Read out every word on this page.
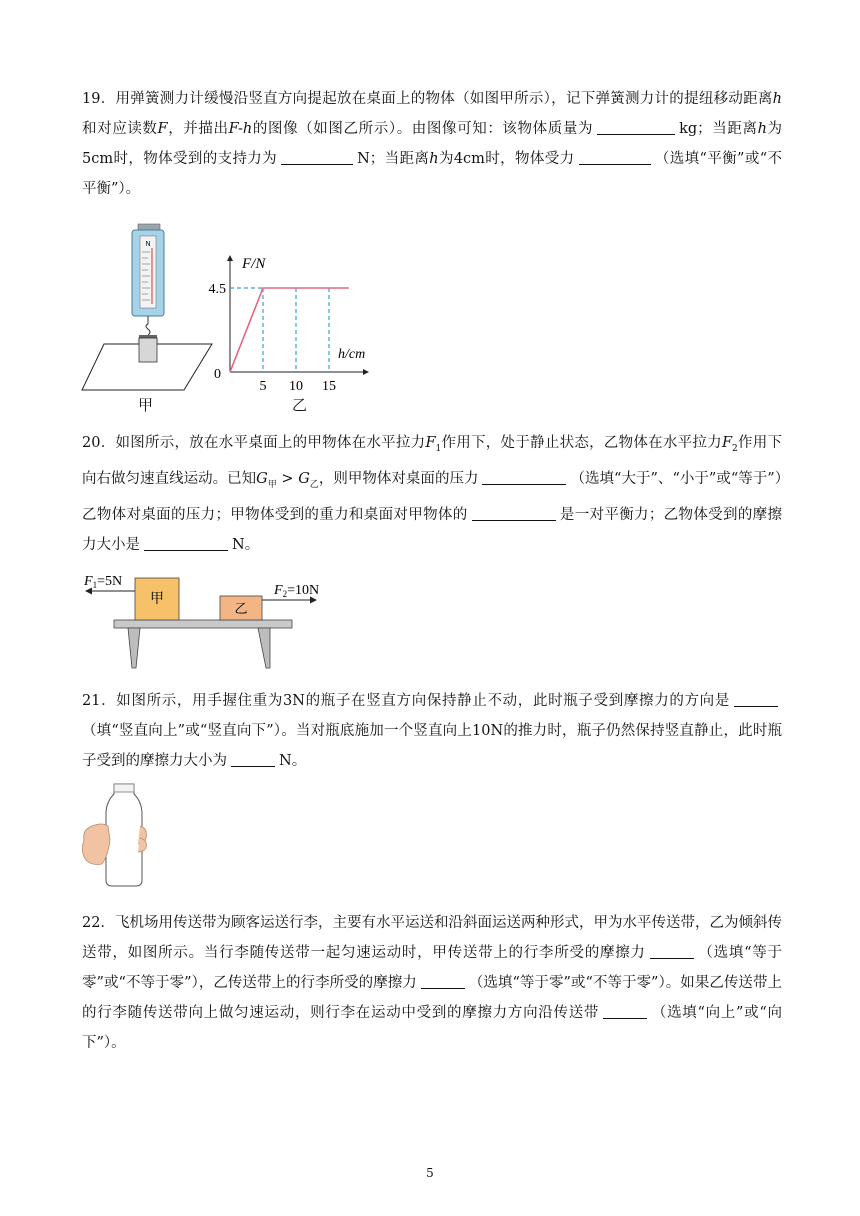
19．用弹簧测力计缓慢沿竖直方向提起放在桌面上的物体（如图甲所示），记下弹簧测力计的提纽移动距离h和对应读数F，并描出F-h的图像（如图乙所示）。由图像可知：该物体质量为	kg；当距离h为5cm时，物体受到的支持力为	N；当距离h为4cm时，物体受力	（选填“平衡”或“不平衡”）。
N
甲
5 10 15
4.5
F/N
h/cm
0
乙
20．如图所示，放在水平桌面上的甲物体在水平拉力$F_1$作用下，处于静止状态，乙物体在水平拉力$F_2$作用下向右做匀速直线运动。已知$G_甲 > G_乙$，则甲物体对桌面的压力	（选填“大于”、“小于”或“等于”）乙物体对桌面的压力；甲物体受到的重力和桌面对甲物体的	是一对平衡力；乙物体受到的摩擦力大小是	N。
甲
乙
$F_1=5N$
$F_2=10N$
21．如图所示，用手握住重为3N的瓶子在竖直方向保持静止不动，此时瓶子受到摩擦力的方向是（填“竖直向上”或“竖直向下”）。当对瓶底施加一个竖直向上10N的推力时，瓶子仍然保持竖直静止，此时瓶子受到的摩擦力大小为	N。
22．飞机场用传送带为顾客运送行李，主要有水平运送和沿斜面运送两种形式，甲为水平传送带，乙为倾斜传送带，如图所示。当行李随传送带一起匀速运动时，甲传送带上的行李所受的摩擦力	（选填“等于零”或“不等于零”），乙传送带上的行李所受的摩擦力	（选填“等于零”或“不等于零”）。如果乙传送带上的行李随传送带向上做匀速运动，则行李在运动中受到的摩擦力方向沿传送带	（选填“向上”或“向下”）。
5
